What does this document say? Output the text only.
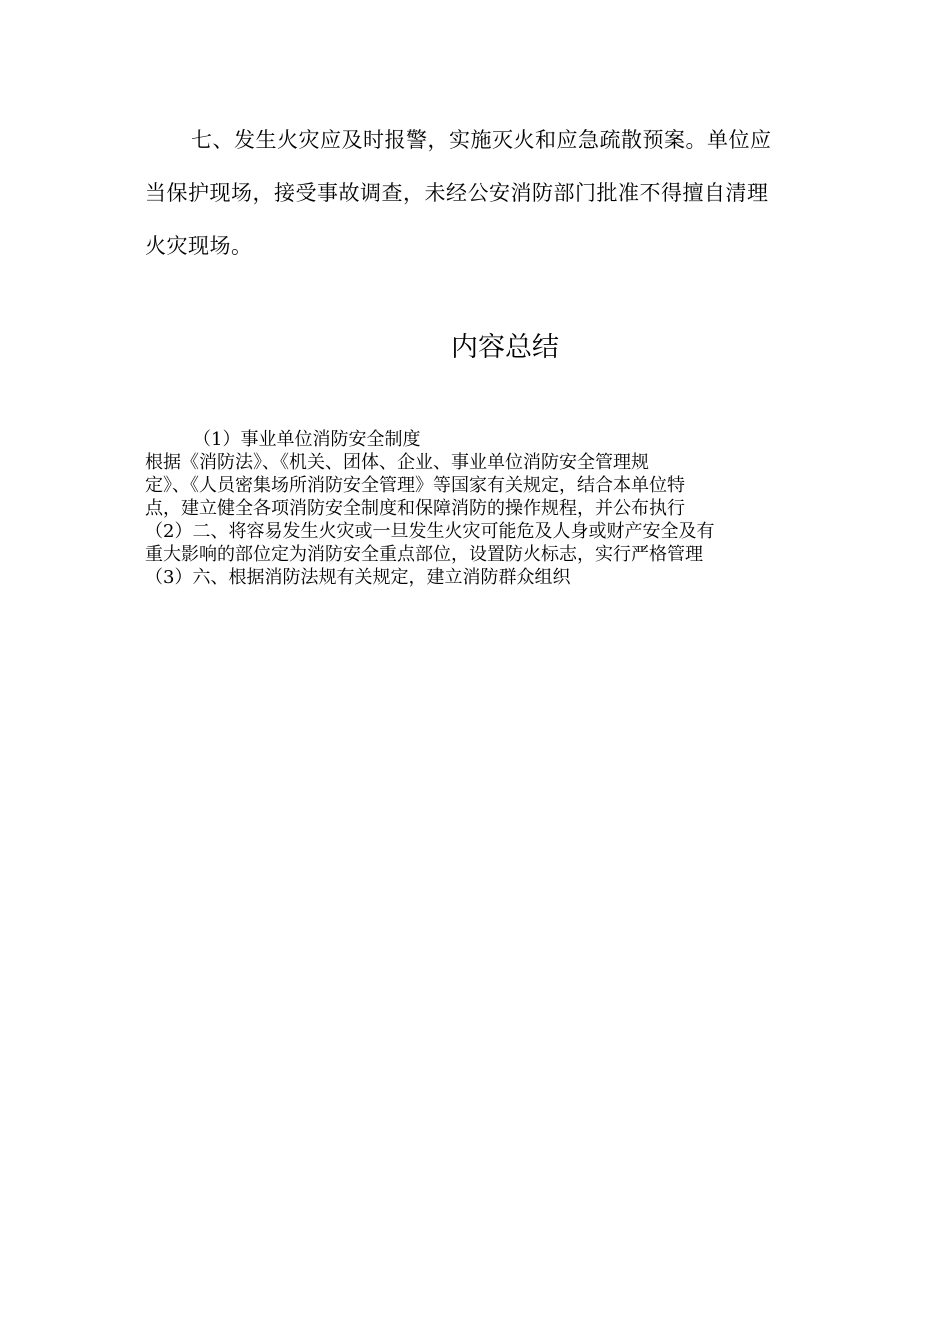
七、发生火灾应及时报警，实施灭火和应急疏散预案。单位应
当保护现场，接受事故调查，未经公安消防部门批准不得擅自清理
火灾现场。
内容总结
（1）事业单位消防安全制度
根据《消防法》、《机关、团体、企业、事业单位消防安全管理规
定》、《人员密集场所消防安全管理》等国家有关规定，结合本单位特
点，建立健全各项消防安全制度和保障消防的操作规程，并公布执行
（2）二、将容易发生火灾或一旦发生火灾可能危及人身或财产安全及有
重大影响的部位定为消防安全重点部位，设置防火标志，实行严格管理
（3）六、根据消防法规有关规定，建立消防群众组织
